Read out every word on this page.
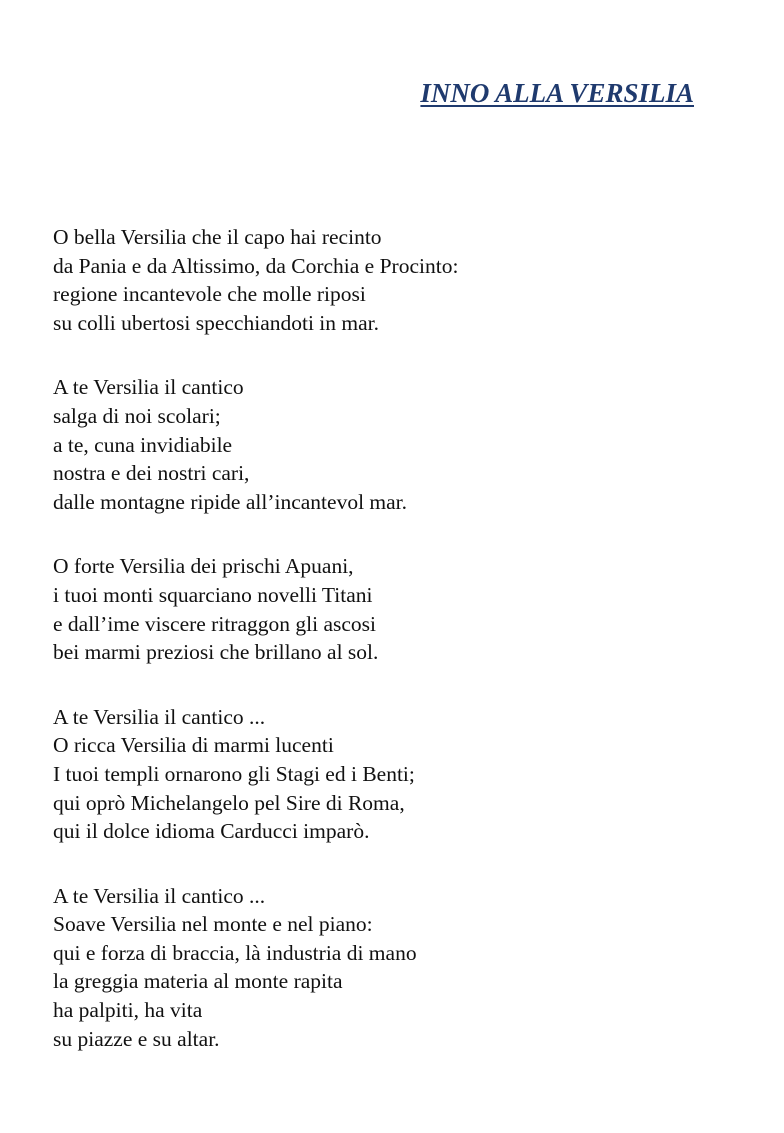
INNO ALLA VERSILIA
O bella Versilia che il capo hai recinto
da Pania e da Altissimo, da Corchia e Procinto:
regione incantevole che molle riposi
su colli ubertosi specchiandoti in mar.
A te Versilia il cantico
salga di noi scolari;
a te, cuna invidiabile
nostra e dei nostri cari,
dalle montagne ripide all’incantevol mar.
O forte Versilia dei prischi Apuani,
i tuoi monti squarciano novelli Titani
e dall’ime viscere ritraggon gli ascosi
bei marmi preziosi che brillano al sol.
A te Versilia il cantico ...
O ricca Versilia di marmi lucenti
I tuoi templi ornarono gli Stagi ed i Benti;
qui oprò Michelangelo pel Sire di Roma,
qui il dolce idioma Carducci imparò.
A te Versilia il cantico ...
Soave Versilia nel monte e nel piano:
qui e forza di braccia, là industria di mano
la greggia materia al monte rapita
ha palpiti, ha vita
su piazze e su altar.
